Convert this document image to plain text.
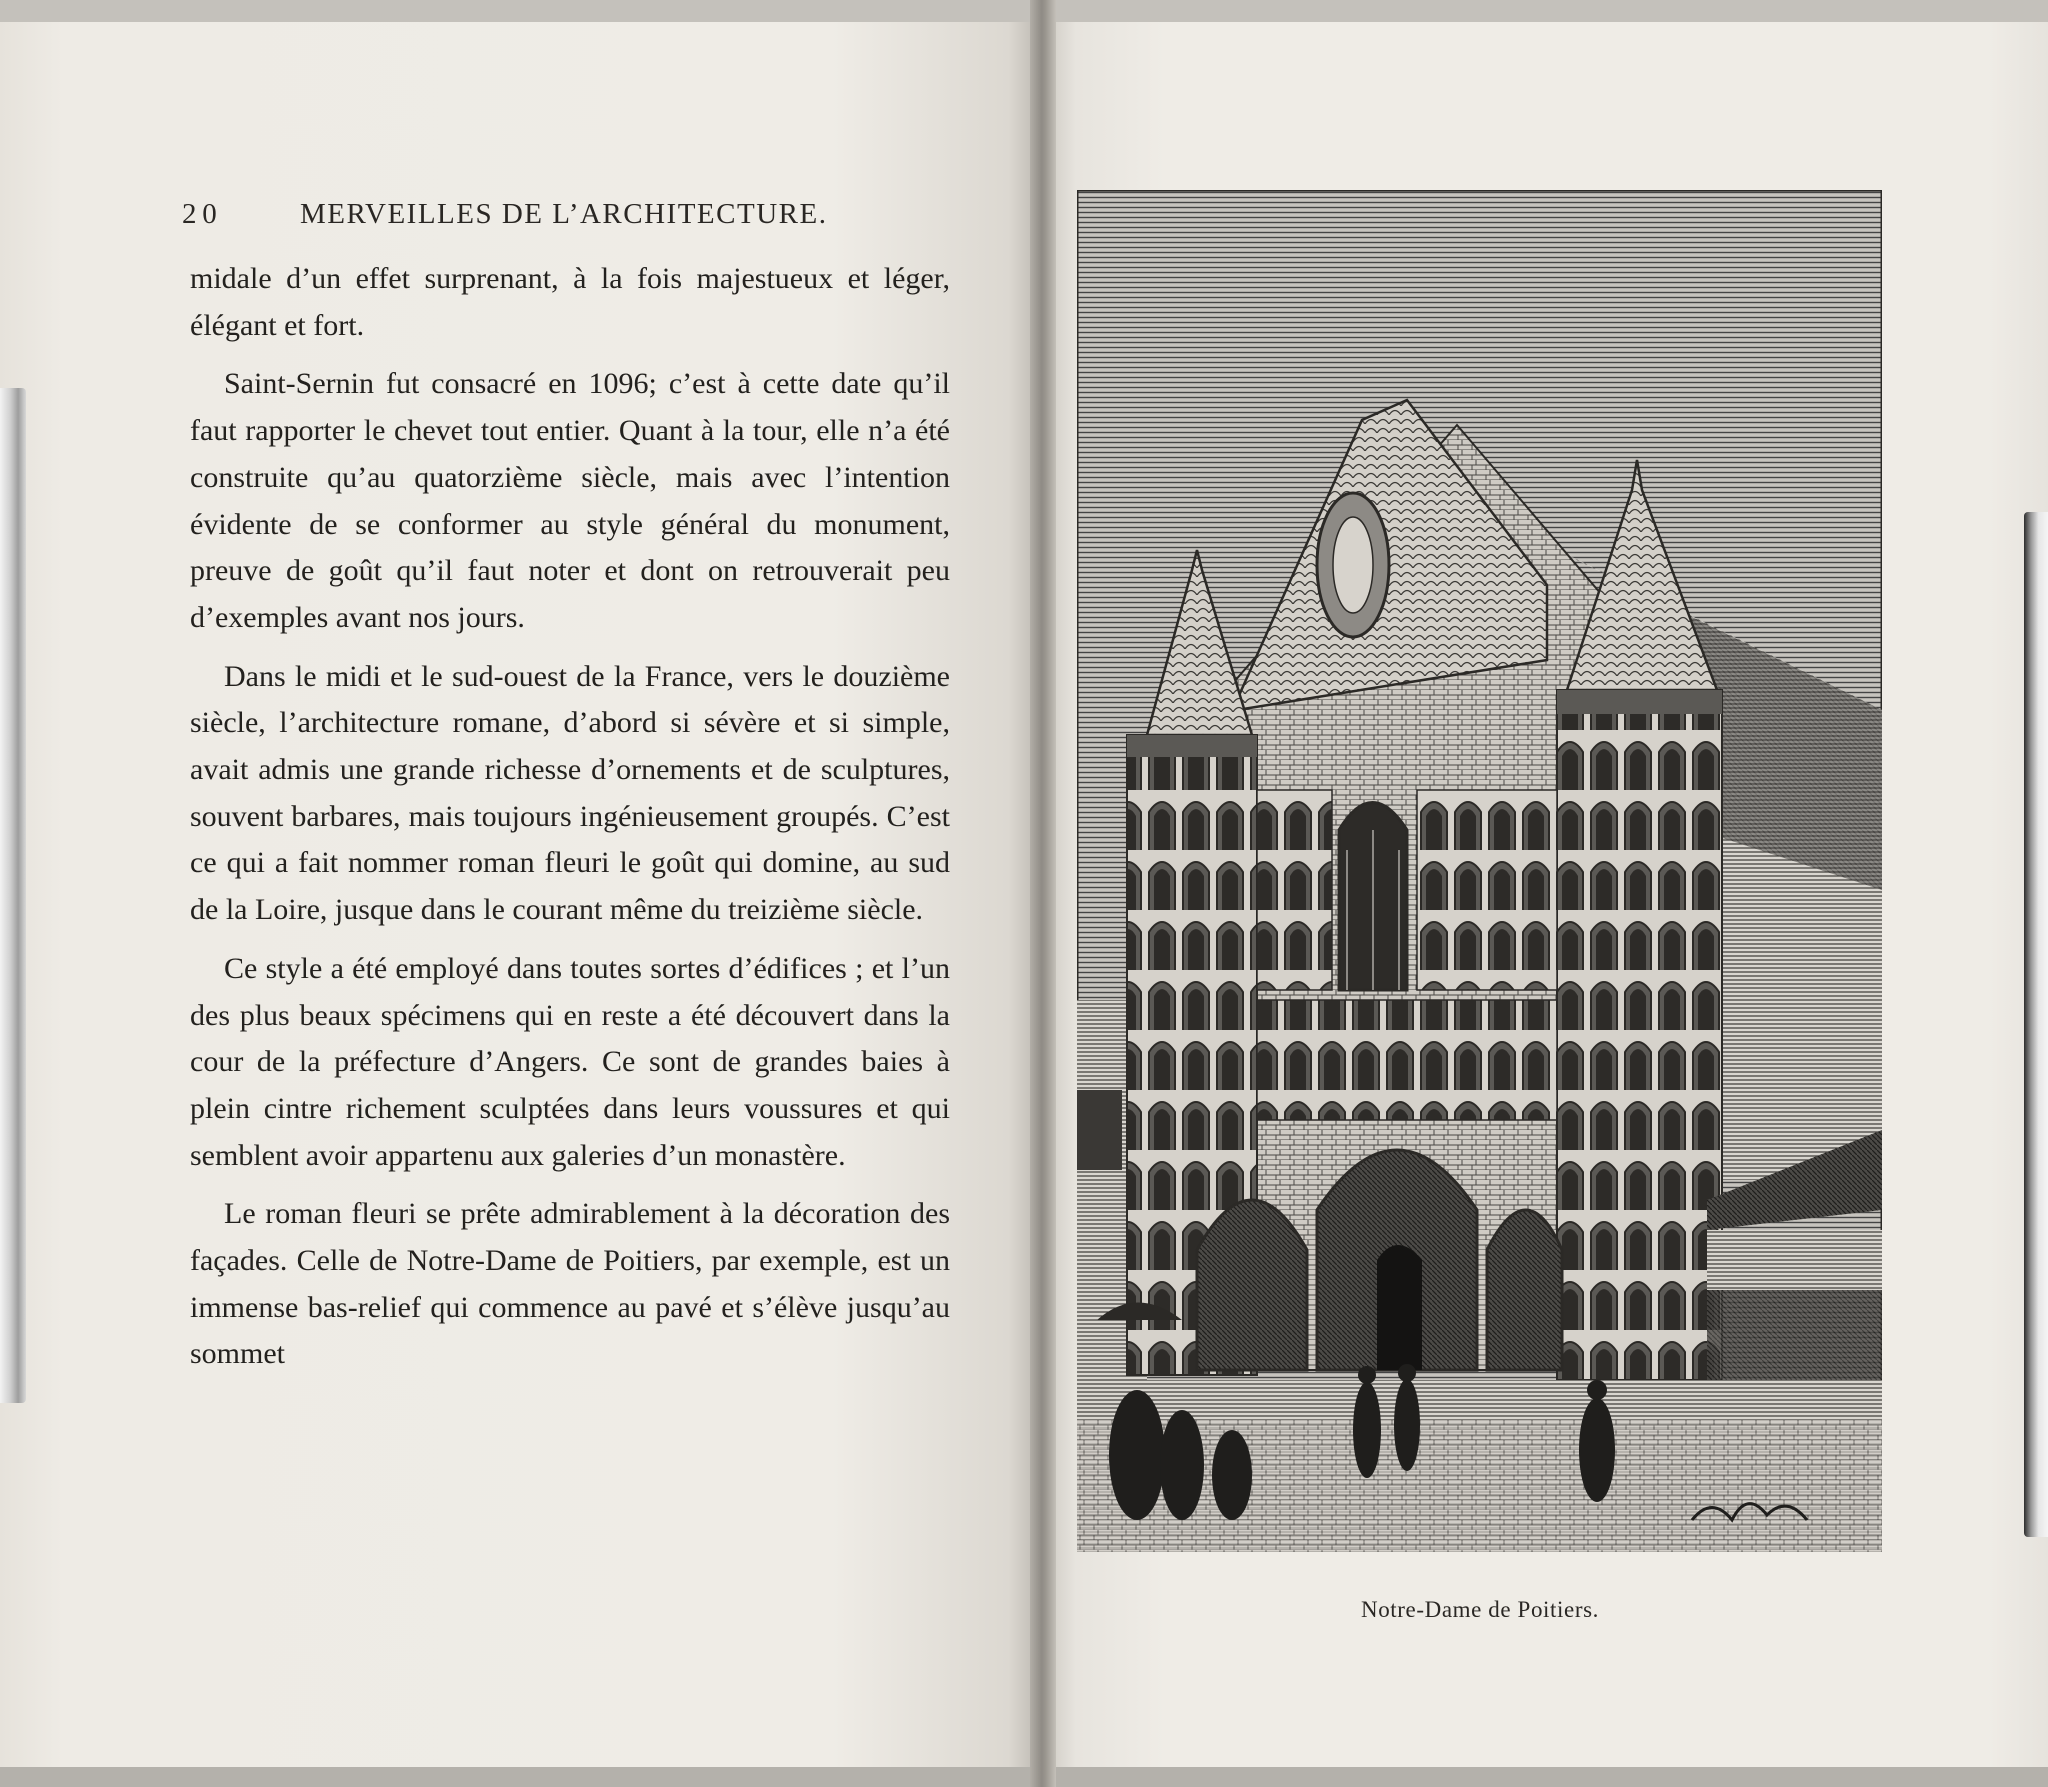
2 0	MERVEILLES DE L’ARCHITECTURE.

midale d’un effet surprenant, à la fois majestueux et léger, élégant et fort.

Saint-Sernin fut consacré en 1096; c’est à cette date qu’il faut rapporter le chevet tout entier. Quant à la tour, elle n’a été construite qu’au quatorzième siècle, mais avec l’intention évidente de se conformer au style général du monument, preuve de goût qu’il faut noter et dont on retrouverait peu d’exemples avant nos jours.

Dans le midi et le sud-ouest de la France, vers le douzième siècle, l’architecture romane, d’abord si sévère et si simple, avait admis une grande richesse d’ornements et de sculptures, souvent barbares, mais toujours ingénieusement groupés. C’est ce qui a fait nommer roman fleuri le goût qui domine, au sud de la Loire, jusque dans le courant même du treizième siècle.

Ce style a été employé dans toutes sortes d’édifices ; et l’un des plus beaux spécimens qui en reste a été découvert dans la cour de la préfecture d’Angers. Ce sont de grandes baies à plein cintre richement sculptées dans leurs voussures et qui semblent avoir appartenu aux galeries d’un monastère.

Le roman fleuri se prête admirablement à la décoration des façades. Celle de Notre-Dame de Poitiers, par exemple, est un immense bas-relief qui commence au pavé et s’élève jusqu’au sommet

Notre-Dame de Poitiers.
